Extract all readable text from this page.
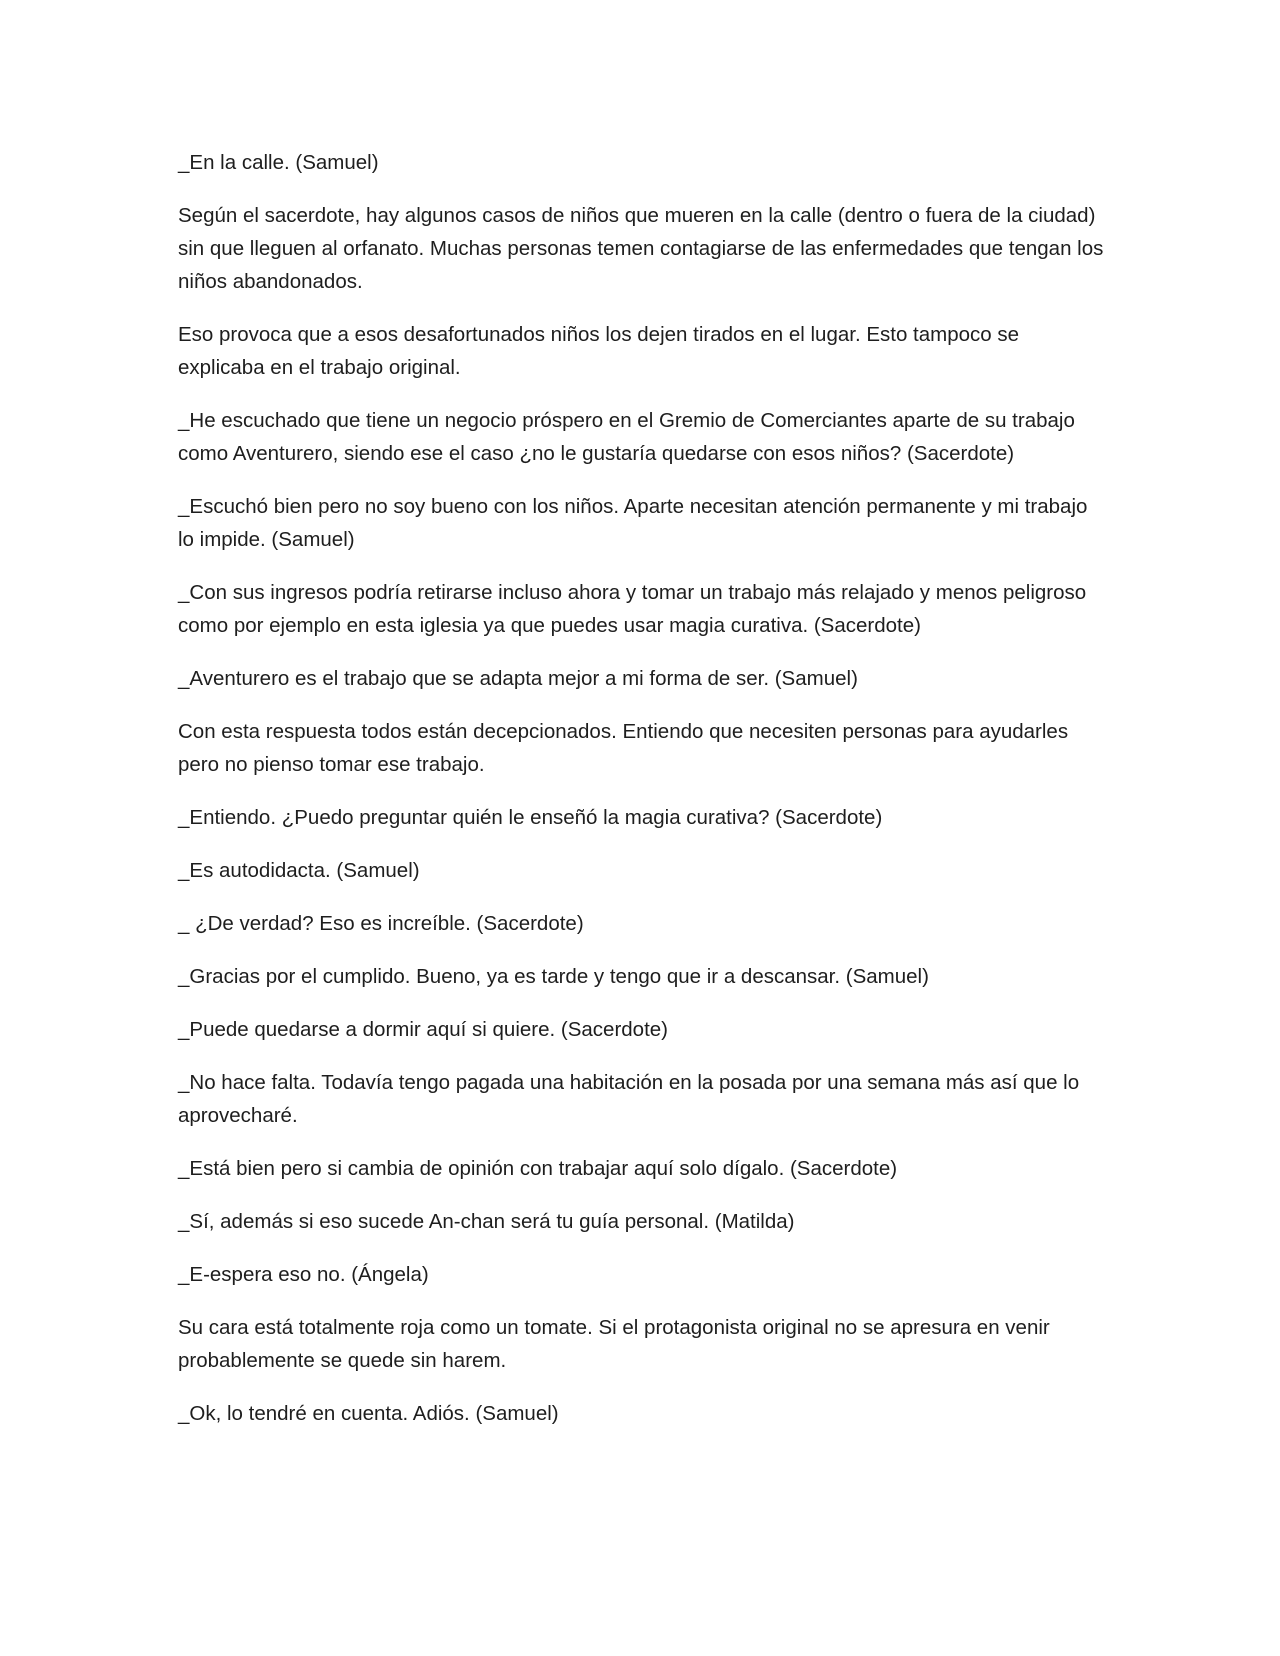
_En la calle. (Samuel)

Según el sacerdote, hay algunos casos de niños que mueren en la calle (dentro o fuera de la ciudad) sin que lleguen al orfanato. Muchas personas temen contagiarse de las enfermedades que tengan los niños abandonados.

Eso provoca que a esos desafortunados niños los dejen tirados en el lugar. Esto tampoco se explicaba en el trabajo original.

_He escuchado que tiene un negocio próspero en el Gremio de Comerciantes aparte de su trabajo como Aventurero, siendo ese el caso ¿no le gustaría quedarse con esos niños? (Sacerdote)

_Escuchó bien pero no soy bueno con los niños. Aparte necesitan atención permanente y mi trabajo lo impide. (Samuel)

_Con sus ingresos podría retirarse incluso ahora y tomar un trabajo más relajado y menos peligroso como por ejemplo en esta iglesia ya que puedes usar magia curativa. (Sacerdote)

_Aventurero es el trabajo que se adapta mejor a mi forma de ser. (Samuel)

Con esta respuesta todos están decepcionados. Entiendo que necesiten personas para ayudarles pero no pienso tomar ese trabajo.

_Entiendo. ¿Puedo preguntar quién le enseñó la magia curativa? (Sacerdote)

_Es autodidacta. (Samuel)

_ ¿De verdad? Eso es increíble. (Sacerdote)

_Gracias por el cumplido. Bueno, ya es tarde y tengo que ir a descansar. (Samuel)

_Puede quedarse a dormir aquí si quiere. (Sacerdote)

_No hace falta. Todavía tengo pagada una habitación en la posada por una semana más así que lo aprovecharé.

_Está bien pero si cambia de opinión con trabajar aquí solo dígalo. (Sacerdote)

_Sí, además si eso sucede An-chan será tu guía personal. (Matilda)

_E-espera eso no. (Ángela)

Su cara está totalmente roja como un tomate. Si el protagonista original no se apresura en venir probablemente se quede sin harem.

_Ok, lo tendré en cuenta. Adiós. (Samuel)
